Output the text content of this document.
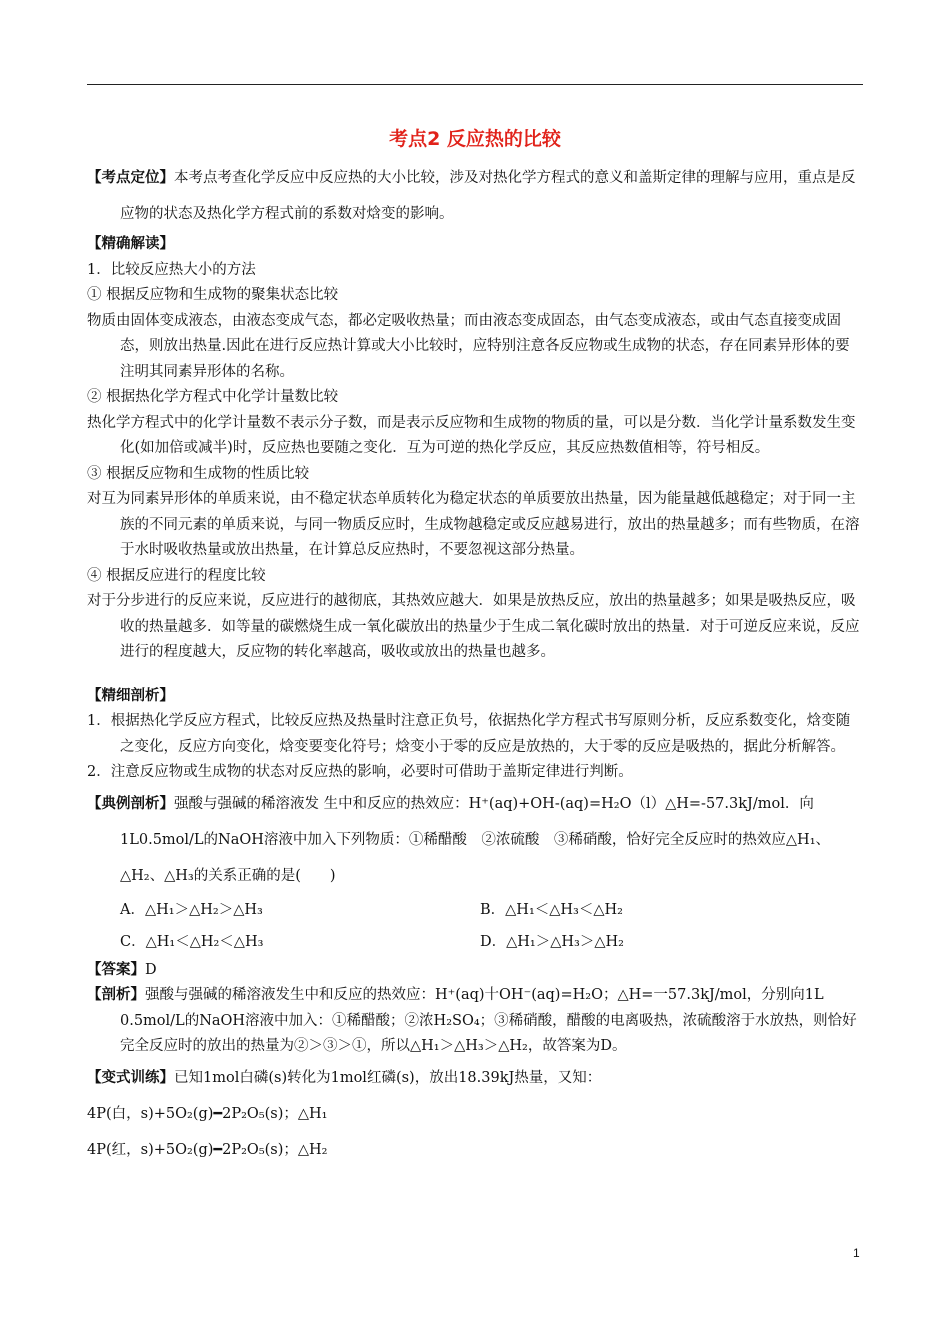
考点2 反应热的比较

【考点定位】本考点考查化学反应中反应热的大小比较，涉及对热化学方程式的意义和盖斯定律的理解与应用，重点是反应物的状态及热化学方程式前的系数对焓变的影响。

【精确解读】

1．比较反应热大小的方法

① 根据反应物和生成物的聚集状态比较

物质由固体变成液态，由液态变成气态，都必定吸收热量；而由液态变成固态，由气态变成液态，或由气态直接变成固态，则放出热量.因此在进行反应热计算或大小比较时，应特别注意各反应物或生成物的状态，存在同素异形体的要注明其同素异形体的名称。

② 根据热化学方程式中化学计量数比较

热化学方程式中的化学计量数不表示分子数，而是表示反应物和生成物的物质的量，可以是分数．当化学计量系数发生变化(如加倍或减半)时，反应热也要随之变化．互为可逆的热化学反应，其反应热数值相等，符号相反。

③ 根据反应物和生成物的性质比较

对互为同素异形体的单质来说，由不稳定状态单质转化为稳定状态的单质要放出热量，因为能量越低越稳定；对于同一主族的不同元素的单质来说，与同一物质反应时，生成物越稳定或反应越易进行，放出的热量越多；而有些物质，在溶于水时吸收热量或放出热量，在计算总反应热时，不要忽视这部分热量。

④ 根据反应进行的程度比较

对于分步进行的反应来说，反应进行的越彻底，其热效应越大．如果是放热反应，放出的热量越多；如果是吸热反应，吸收的热量越多．如等量的碳燃烧生成一氧化碳放出的热量少于生成二氧化碳时放出的热量．对于可逆反应来说，反应进行的程度越大，反应物的转化率越高，吸收或放出的热量也越多。

【精细剖析】

1．根据热化学反应方程式，比较反应热及热量时注意正负号，依据热化学方程式书写原则分析，反应系数变化，焓变随之变化，反应方向变化，焓变要变化符号；焓变小于零的反应是放热的，大于零的反应是吸热的，据此分析解答。

2．注意反应物或生成物的状态对反应热的影响，必要时可借助于盖斯定律进行判断。

【典例剖析】强酸与强碱的稀溶液发 生中和反应的热效应：H⁺(aq)+OH-(aq)=H₂O（l）△H=-57.3kJ/mol．向1L0.5mol/L的NaOH溶液中加入下列物质：①稀醋酸　②浓硫酸　③稀硝酸，恰好完全反应时的热效应△H₁、△H₂、△H₃的关系正确的是(　　)

A．△H₁＞△H₂＞△H₃	B．△H₁＜△H₃＜△H₂
C．△H₁＜△H₂＜△H₃	D．△H₁＞△H₃＞△H₂

【答案】D

【剖析】强酸与强碱的稀溶液发生中和反应的热效应：H⁺(aq)十OH⁻(aq)=H₂O；△H=一57.3kJ/mol，分别向1L　0.5mol/L的NaOH溶液中加入：①稀醋酸；②浓H₂SO₄；③稀硝酸，醋酸的电离吸热，浓硫酸溶于水放热，则恰好完全反应时的放出的热量为②＞③＞①，所以△H₁＞△H₃＞△H₂，故答案为D。

【变式训练】已知1mol白磷(s)转化为1mol红磷(s)，放出18.39kJ热量，又知：

4P(白，s)+5O₂(g)━2P₂O₅(s)；△H₁

4P(红，s)+5O₂(g)━2P₂O₅(s)；△H₂

1
